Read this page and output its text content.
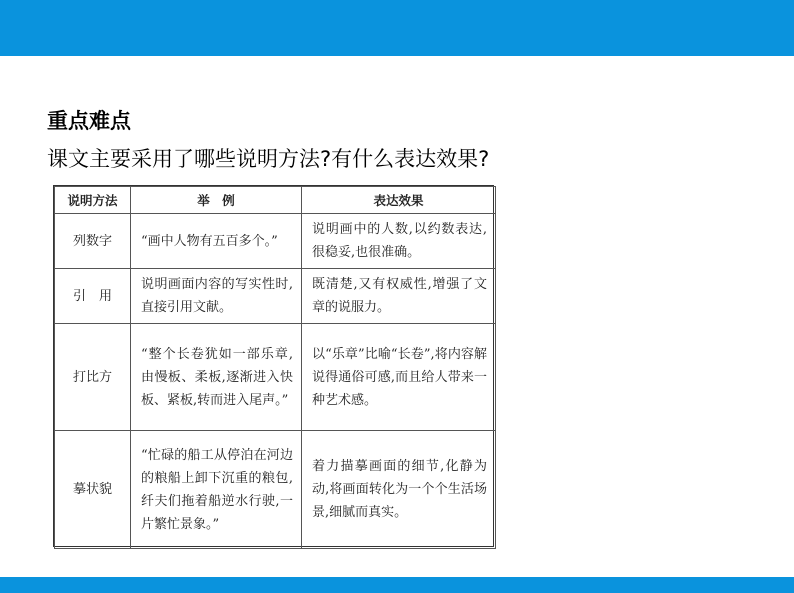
重点难点
课文主要采用了哪些说明方法?有什么表达效果?
说明方法	举　例	表达效果
列数字	“画中人物有五百多个。”	说明画中的人数,以约数表达,很稳妥,也很准确。
引　用	说明画面内容的写实性时,直接引用文献。	既清楚,又有权威性,增强了文章的说服力。
打比方	“整个长卷犹如一部乐章,由慢板、柔板,逐渐进入快板、紧板,转而进入尾声。”	以“乐章”比喻“长卷”,将内容解说得通俗可感,而且给人带来一种艺术感。
摹状貌	“忙碌的船工从停泊在河边的粮船上卸下沉重的粮包,纤夫们拖着船逆水行驶,一片繁忙景象。”	着力描摹画面的细节,化静为动,将画面转化为一个个生活场景,细腻而真实。
